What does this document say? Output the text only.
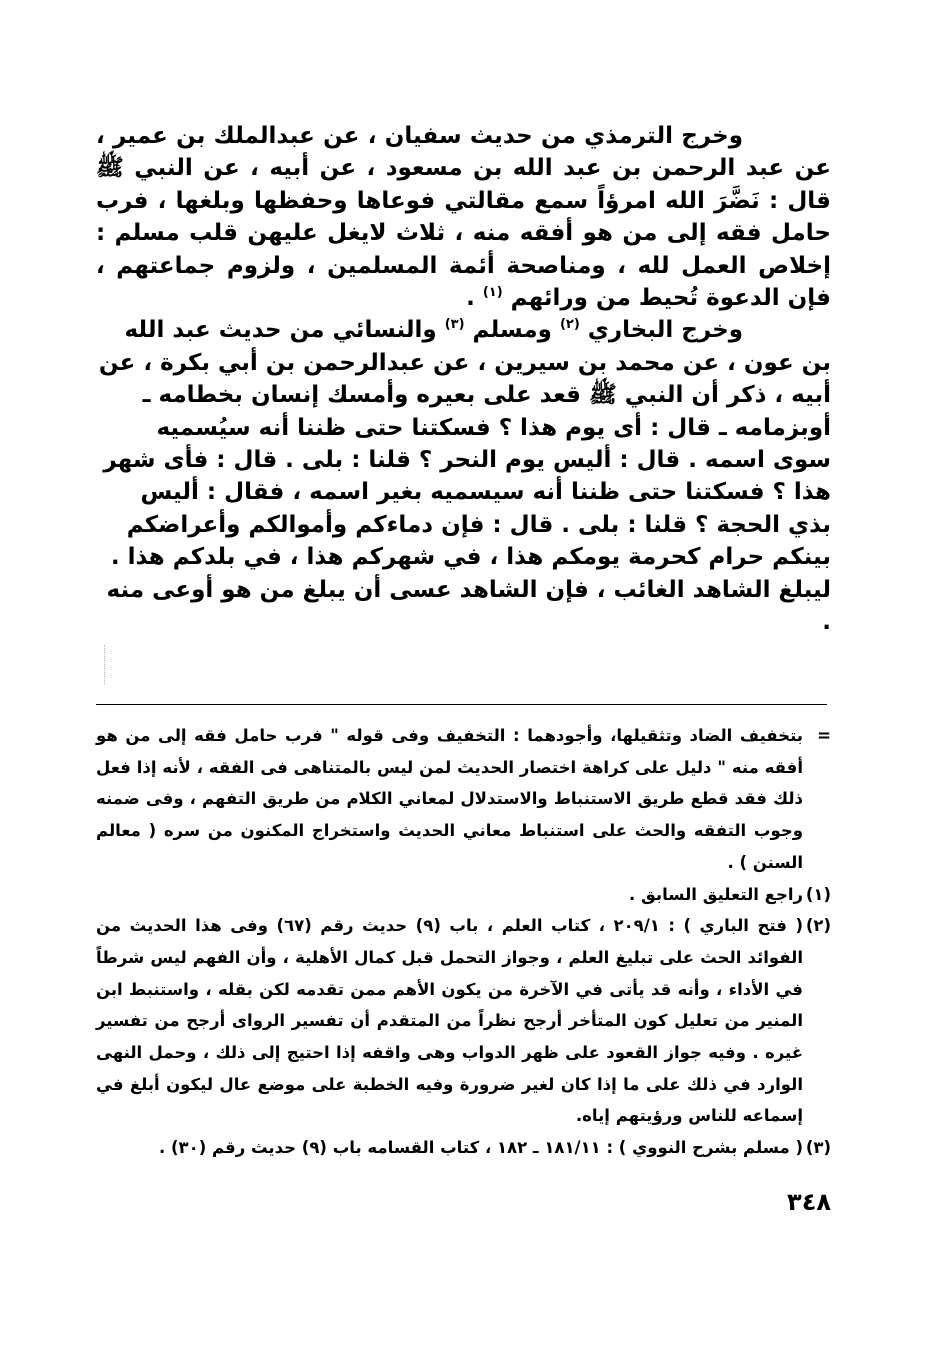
وخرج الترمذي من حديث سفيان ، عن عبدالملك بن عمير ، عن عبد الرحمن بن عبد الله بن مسعود ، عن أبيه ، عن النبي ﷺ قال : نَضَّرَ الله امرؤاً سمع مقالتي فوعاها وحفظها وبلغها ، فرب حامل فقه إلى من هو أفقه منه ، ثلاث لايغل عليهن قلب مسلم : إخلاص العمل لله ، ومناصحة أئمة المسلمين ، ولزوم جماعتهم ، فإن الدعوة تُحيط من ورائهم $^{(١)}$ .

وخرج البخاري $^{(٢)}$ ومسلم $^{(٣)}$ والنسائي من حديث عبد الله بن عون ، عن محمد بن سيرين ، عن عبدالرحمن بن أبي بكرة ، عن أبيه ، ذكر أن النبي ﷺ قعد على بعيره وأمسك إنسان بخطامه ـ أوبزمامه ـ قال : أى يوم هذا ؟ فسكتنا حتى ظننا أنه سيُسميه سوى اسمه . قال : أليس يوم النحر ؟ قلنا : بلى . قال : فأى شهر هذا ؟ فسكتنا حتى ظننا أنه سيسميه بغير اسمه ، فقال : أليس بذي الحجة ؟ قلنا : بلى . قال : فإن دماءكم وأموالكم وأعراضكم بينكم حرام كحرمة يومكم هذا ، في شهركم هذا ، في بلدكم هذا . ليبلغ الشاهد الغائب ، فإن الشاهد عسى أن يبلغ من هو أوعى منه .

=
بتخفيف الضاد وتثقيلها، وأجودهما : التخفيف وفى قوله " فرب حامل فقه إلى من هو أفقه منه " دليل على كراهة اختصار الحديث لمن ليس بالمتناهى فى الفقه ، لأنه إذا فعل ذلك فقد قطع طريق الاستنباط والاستدلال لمعاني الكلام من طريق التفهم ، وفى ضمنه وجوب التفقه والحث على استنباط معاني الحديث واستخراج المكنون من سره ( معالم السنن ) .

(١)
راجع التعليق السابق .

(٢)
( فتح الباري ) : ٢٠٩/١ ، كتاب العلم ، باب (٩) حديث رقم (٦٧) وفى هذا الحديث من الفوائد الحث على تبليغ العلم ، وجواز التحمل قبل كمال الأهلية ، وأن الفهم ليس شرطاً في الأداء ، وأنه قد يأتى في الآخرة من يكون الأهم ممن تقدمه لكن بقله ، واستنبط ابن المنير من تعليل كون المتأخر أرجح نظراً من المتقدم أن تفسير الرواى أرجح من تفسير غيره . وفيه جواز القعود على ظهر الدواب وهى واقفه إذا احتيج إلى ذلك ، وحمل النهى الوارد في ذلك على ما إذا كان لغير ضرورة وفيه الخطبة على موضع عال ليكون أبلغ في إسماعه للناس ورؤيتهم إياه.

(٣)
( مسلم بشرح النووي ) : ١٨١/١١ ـ ١٨٢ ، كتاب القسامه باب (٩) حديث رقم (٣٠) .

٣٤٨
